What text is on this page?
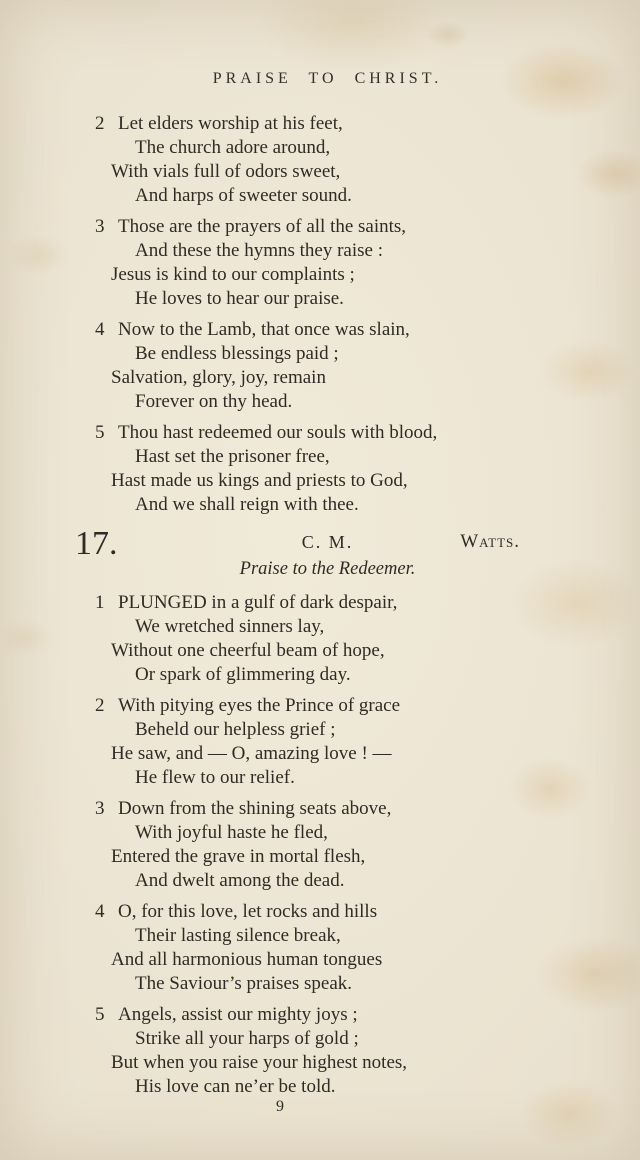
PRAISE TO CHRIST.
2 Let elders worship at his feet,
The church adore around,
With vials full of odors sweet,
And harps of sweeter sound.
3 Those are the prayers of all the saints,
And these the hymns they raise :
Jesus is kind to our complaints ;
He loves to hear our praise.
4 Now to the Lamb, that once was slain,
Be endless blessings paid ;
Salvation, glory, joy, remain
Forever on thy head.
5 Thou hast redeemed our souls with blood,
Hast set the prisoner free,
Hast made us kings and priests to God,
And we shall reign with thee.
17.	C. M.	Watts.
Praise to the Redeemer.
1 PLUNGED in a gulf of dark despair,
We wretched sinners lay,
Without one cheerful beam of hope,
Or spark of glimmering day.
2 With pitying eyes the Prince of grace
Beheld our helpless grief ;
He saw, and — O, amazing love ! —
He flew to our relief.
3 Down from the shining seats above,
With joyful haste he fled,
Entered the grave in mortal flesh,
And dwelt among the dead.
4 O, for this love, let rocks and hills
Their lasting silence break,
And all harmonious human tongues
The Saviour’s praises speak.
5 Angels, assist our mighty joys ;
Strike all your harps of gold ;
But when you raise your highest notes,
His love can ne’er be told.
9
